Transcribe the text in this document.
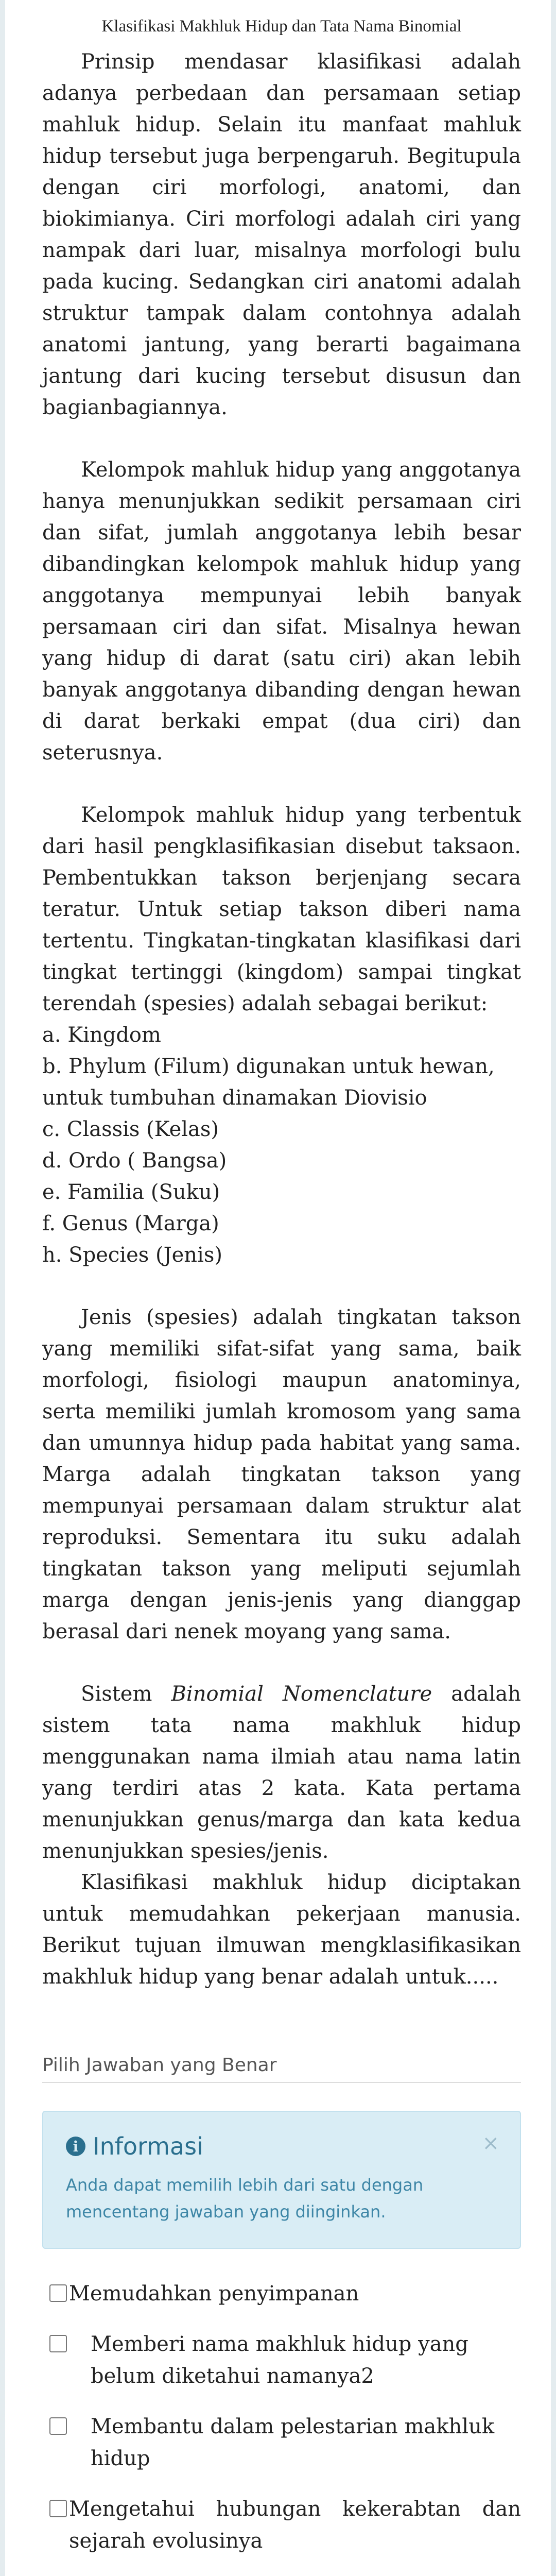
Klasifikasi Makhluk Hidup dan Tata Nama Binomial

Prinsip mendasar klasifikasi adalah adanya perbedaan dan persamaan setiap mahluk hidup. Selain itu manfaat mahluk hidup tersebut juga berpengaruh. Begitupula dengan ciri morfologi, anatomi, dan biokimianya. Ciri morfologi adalah ciri yang nampak dari luar, misalnya morfologi bulu pada kucing. Sedangkan ciri anatomi adalah struktur tampak dalam contohnya adalah anatomi jantung, yang berarti bagaimana jantung dari kucing tersebut disusun dan bagianbagiannya.

Kelompok mahluk hidup yang anggotanya hanya menunjukkan sedikit persamaan ciri dan sifat, jumlah anggotanya lebih besar dibandingkan kelompok mahluk hidup yang anggotanya mempunyai lebih banyak persamaan ciri dan sifat. Misalnya hewan yang hidup di darat (satu ciri) akan lebih banyak anggotanya dibanding dengan hewan di darat berkaki empat (dua ciri) dan seterusnya.

Kelompok mahluk hidup yang terbentuk dari hasil pengklasifikasian disebut taksaon. Pembentukkan takson berjenjang secara teratur. Untuk setiap takson diberi nama tertentu. Tingkatan-tingkatan klasifikasi dari tingkat tertinggi (kingdom) sampai tingkat terendah (spesies) adalah sebagai berikut:

a. Kingdom

b. Phylum (Filum) digunakan untuk hewan, untuk tumbuhan dinamakan Diovisio

c. Classis (Kelas)

d. Ordo ( Bangsa)

e. Familia (Suku)

f. Genus (Marga)

h. Species (Jenis)

Jenis (spesies) adalah tingkatan takson yang memiliki sifat-sifat yang sama, baik morfologi, fisiologi maupun anatominya, serta memiliki jumlah kromosom yang sama dan umunnya hidup pada habitat yang sama. Marga adalah tingkatan takson yang mempunyai persamaan dalam struktur alat reproduksi. Sementara itu suku adalah tingkatan takson yang meliputi sejumlah marga dengan jenis-jenis yang dianggap berasal dari nenek moyang yang sama.

Sistem Binomial Nomenclature adalah sistem tata nama makhluk hidup menggunakan nama ilmiah atau nama latin yang terdiri atas 2 kata. Kata pertama menunjukkan genus/marga dan kata kedua menunjukkan spesies/jenis.

Klasifikasi makhluk hidup diciptakan untuk memudahkan pekerjaan manusia. Berikut tujuan ilmuwan mengklasifikasikan makhluk hidup yang benar adalah untuk.....

Pilih Jawaban yang Benar
i Informasi	×
Anda dapat memilih lebih dari satu dengan mencentang jawaban yang diinginkan.
Memudahkan penyimpanan
Memberi nama makhluk hidup yang belum diketahui namanya2
Membantu dalam pelestarian makhluk hidup
Mengetahui hubungan kekerabtan dan sejarah evolusinya
